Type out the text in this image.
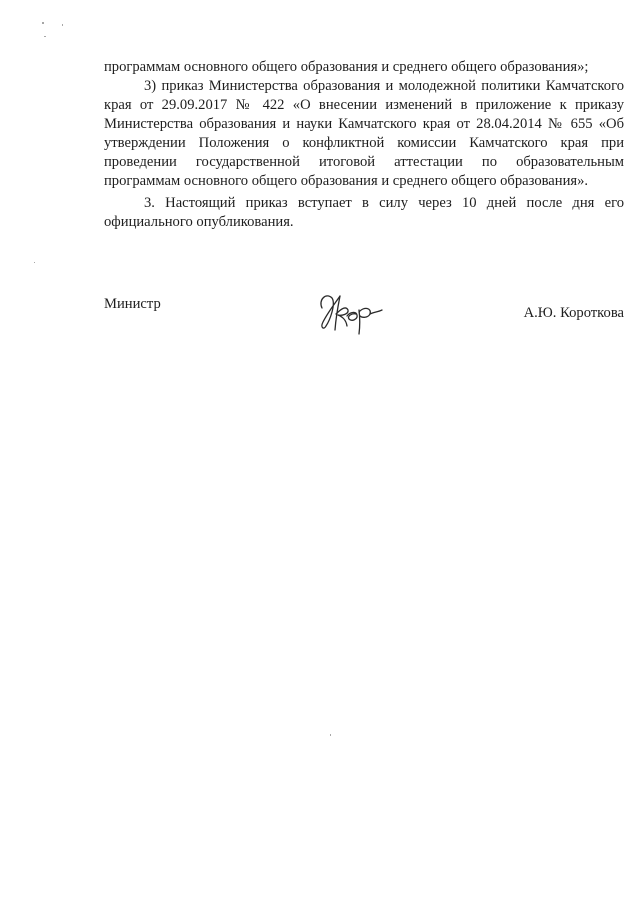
программам основного общего образования и среднего общего образования»;

3) приказ Министерства образования и молодежной политики Камчатского края от 29.09.2017 № 422 «О внесении изменений в приложение к приказу Министерства образования и науки Камчатского края от 28.04.2014 № 655 «Об утверждении Положения о конфликтной комиссии Камчатского края при проведении государственной итоговой аттестации по образовательным программам основного общего образования и среднего общего образования».

3. Настоящий приказ вступает в силу через 10 дней после дня его официального опубликования.

Министр
А.Ю. Короткова
